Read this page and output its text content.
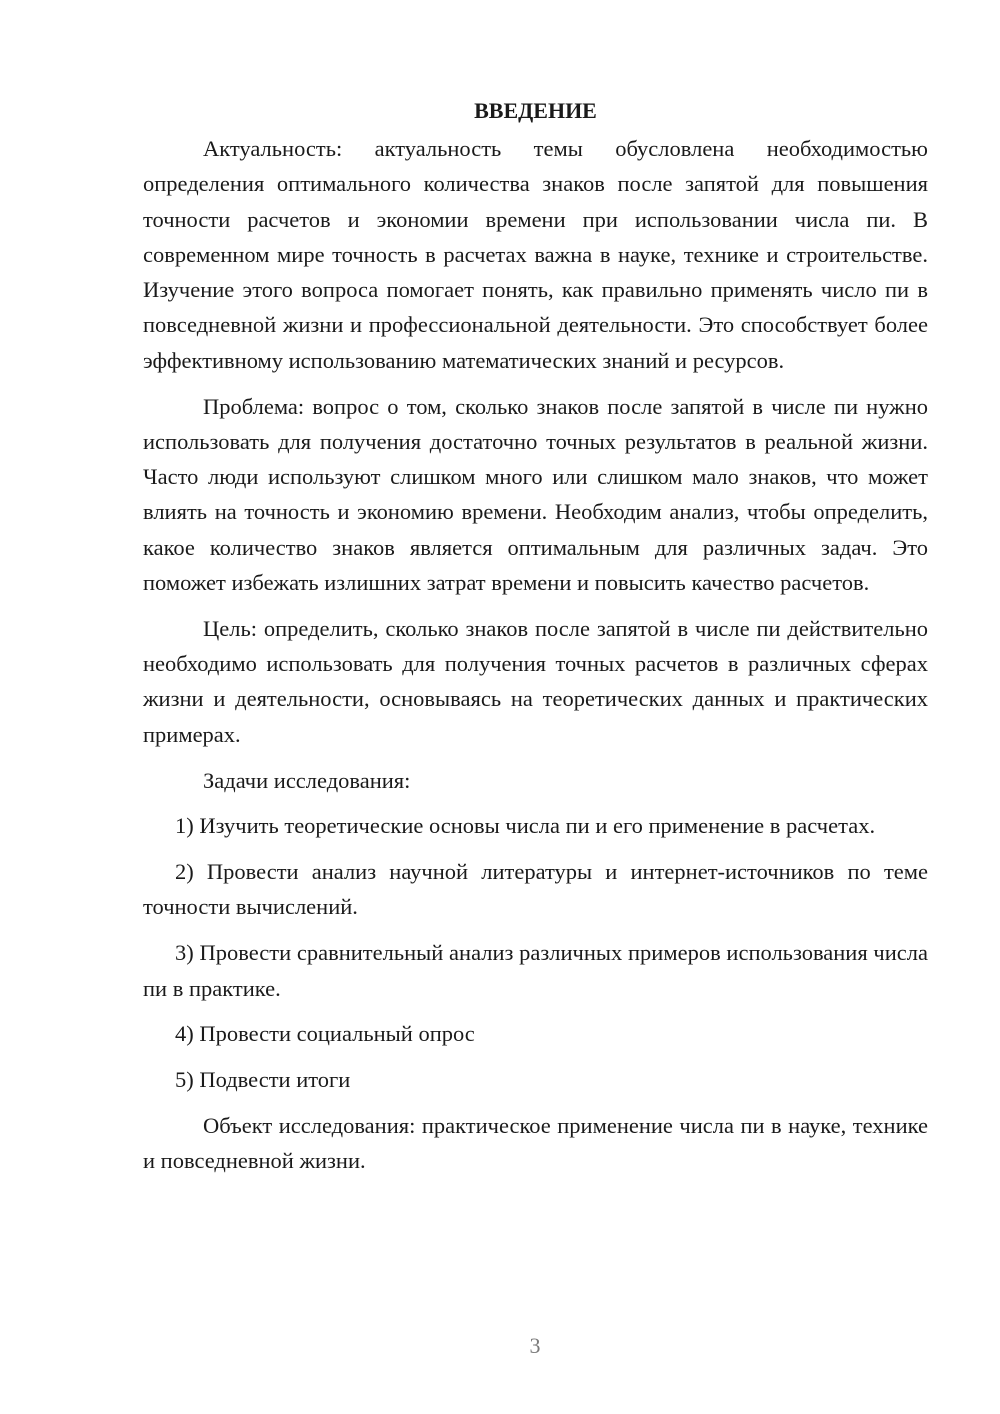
ВВЕДЕНИЕ

Актуальность: актуальность темы обусловлена необходимостью определения оптимального количества знаков после запятой для повышения точности расчетов и экономии времени при использовании числа пи. В современном мире точность в расчетах важна в науке, технике и строительстве. Изучение этого вопроса помогает понять, как правильно применять число пи в повседневной жизни и профессиональной деятельности. Это способствует более эффективному использованию математических знаний и ресурсов.

Проблема: вопрос о том, сколько знаков после запятой в числе пи нужно использовать для получения достаточно точных результатов в реальной жизни. Часто люди используют слишком много или слишком мало знаков, что может влиять на точность и экономию времени. Необходим анализ, чтобы определить, какое количество знаков является оптимальным для различных задач. Это поможет избежать излишних затрат времени и повысить качество расчетов.

Цель: определить, сколько знаков после запятой в числе пи действительно необходимо использовать для получения точных расчетов в различных сферах жизни и деятельности, основываясь на теоретических данных и практических примерах.

Задачи исследования:

1) Изучить теоретические основы числа пи и его применение в расчетах.

2) Провести анализ научной литературы и интернет-источников по теме точности вычислений.

3) Провести сравнительный анализ различных примеров использования числа пи в практике.

4) Провести социальный опрос

5) Подвести итоги

Объект исследования: практическое применение числа пи в науке, технике и повседневной жизни.

3
